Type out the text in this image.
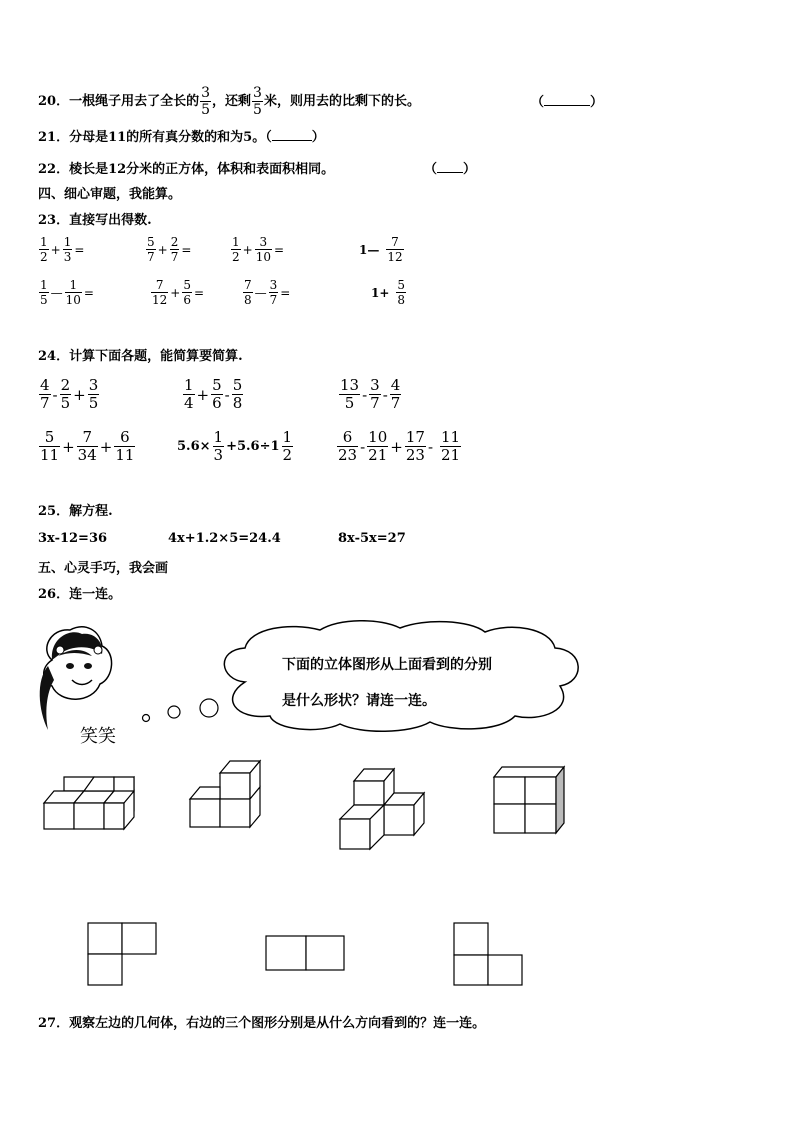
20．一根绳子用去了全长的 $\frac{3}{5}$ ，还剩 $\frac{3}{5}$ 米，则用去的比剩下的长。	（	）
21．分母是11的所有真分数的和为5。（	）
22．棱长是12分米的正方体，体积和表面积相同。	（ ）
四、细心审题，我能算。
23．直接写出得数.
$\frac{1}{2} + \frac{1}{3}$ =	$\frac{5}{7} + \frac{2}{7}$ =	$\frac{1}{2} + \frac{3}{10}$ =	1— $\frac{7}{12}$
$\frac{1}{5}$ — $\frac{1}{10}$ =	$\frac{7}{12} + \frac{5}{6}$ =	$\frac{7}{8}$ — $\frac{3}{7}$ =	$1+ \frac{5}{8}$
24．计算下面各题，能简算要简算.
$\frac{4}{7} - \frac{2}{5} + \frac{3}{5}$	$\frac{1}{4} + \frac{5}{6} - \frac{5}{8}$	$\frac{13}{5} - \frac{3}{7} - \frac{4}{7}$
$\frac{5}{11} + \frac{7}{34} + \frac{6}{11}$	$5.6\times \frac{1}{3} +5.6\div 1 \frac{1}{2}$	$\frac{6}{23} - \frac{10}{21} + \frac{17}{23} - \frac{11}{21}$
25．解方程.
3x-12=36	4x+1.2×5=24.4	8x-5x=27
五、心灵手巧，我会画
26．连一连。
下面的立体图形从上面看到的分别
是什么形状？请连一连。
笑笑
27．观察左边的几何体，右边的三个图形分别是从什么方向看到的？连一连。
